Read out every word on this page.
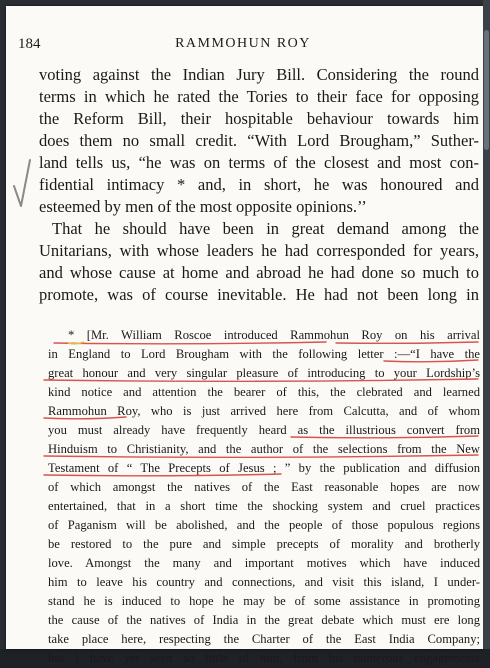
184	RAMMOHUN ROY
voting against the Indian Jury Bill. Considering the round
terms in which he rated the Tories to their face for opposing
the Reform Bill, their hospitable behaviour towards him
does them no small credit. “With Lord Brougham,” Suther-
land tells us, “he was on terms of the closest and most con-
fidential intimacy * and, in short, he was honoured and
esteemed by men of the most opposite opinions.’’
That he should have been in great demand among the
Unitarians, with whose leaders he had corresponded for years,
and whose cause at home and abroad he had done so much to
promote, was of course inevitable. He had not been long in
* [Mr. William Roscoe introduced Rammohun Roy on his arrival
in England to Lord Brougham with the following letter :—“I have the
great honour and very singular pleasure of introducing to your Lordship’s
kind notice and attention the bearer of this, the clebrated and learned
Rammohun Roy, who is just arrived here from Calcutta, and of whom
you must already have frequently heard as the illustrious convert from
Hinduism to Christianity, and the author of the selections from the New
Testament of “ The Precepts of Jesus ; ” by the publication and diffusion
of which amongst the natives of the East reasonable hopes are now
entertained, that in a short time the shocking system and cruel practices
of Paganism will be abolished, and the people of those populous regions
be restored to the pure and simple precepts of morality and brotherly
love. Amongst the many and important motives which have induced
him to leave his country and connections, and visit this island, I under-
stand he is induced to hope he may be of some assistance in promoting
the cause of the natives of India in the great debate which must ere long
take place here, respecting the Charter of the East India Company;
but I have yet seen so little of him, from his numerous engagements
